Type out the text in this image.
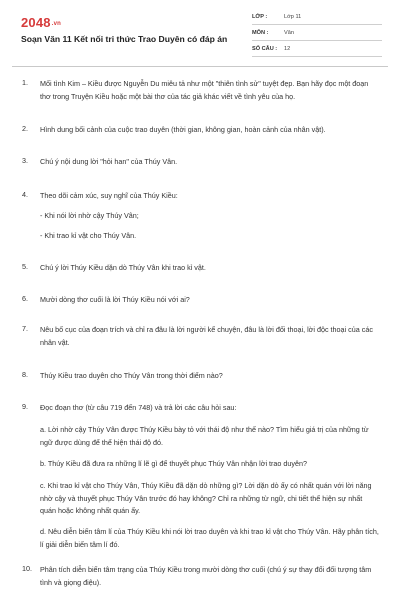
2048.vn
Soạn Văn 11 Kết nối tri thức Trao Duyên có đáp án
LỚP :	Lớp 11
MÔN :	Văn
SỐ CÂU : 12
1. Mối tình Kim – Kiều được Nguyễn Du miêu tả như một "thiên tình sử" tuyệt đẹp. Bạn hãy đọc một đoạn thơ trong Truyện Kiều hoặc một bài thơ của tác giả khác viết về tình yêu của họ.
2. Hình dung bối cảnh của cuộc trao duyên (thời gian, không gian, hoàn cảnh của nhân vật).
3. Chú ý nội dung lời "hỏi han" của Thúy Vân.
4. Theo dõi cảm xúc, suy nghĩ của Thúy Kiều:
- Khi nói lời nhờ cậy Thúy Vân;
- Khi trao kỉ vật cho Thúy Vân.
5. Chú ý lời Thúy Kiều dặn dò Thúy Vân khi trao kỉ vật.
6. Mười dòng thơ cuối là lời Thúy Kiều nói với ai?
7. Nêu bố cục của đoạn trích và chỉ ra đâu là lời người kể chuyện, đâu là lời đối thoại, lời độc thoại của các nhân vật.
8. Thúy Kiều trao duyên cho Thúy Vân trong thời điểm nào?
9. Đọc đoạn thơ (từ câu 719 đến 748) và trả lời các câu hỏi sau:
a. Lời nhờ cậy Thúy Vân được Thúy Kiều bày tỏ với thái độ như thế nào? Tìm hiểu giá trị của những từ ngữ được dùng để thể hiện thái độ đó.
b. Thúy Kiều đã đưa ra những lí lẽ gì để thuyết phục Thúy Vân nhận lời trao duyên?
c. Khi trao kỉ vật cho Thúy Vân, Thúy Kiều đã dặn dò những gì? Lời dặn dò ấy có nhất quán với lời năng nhờ cậy và thuyết phục Thúy Vân trước đó hay không? Chỉ ra những từ ngữ, chi tiết thể hiện sự nhất quán hoặc không nhất quán ấy.
d. Nêu diễn biến tâm lí của Thúy Kiều khi nói lời trao duyên và khi trao kỉ vật cho Thúy Vân. Hãy phân tích, lí giải diễn biến tâm lí đó.
10. Phân tích diễn biến tâm trạng của Thúy Kiều trong mười dòng thơ cuối (chú ý sự thay đổi đối tượng tâm tình và giọng điệu).
